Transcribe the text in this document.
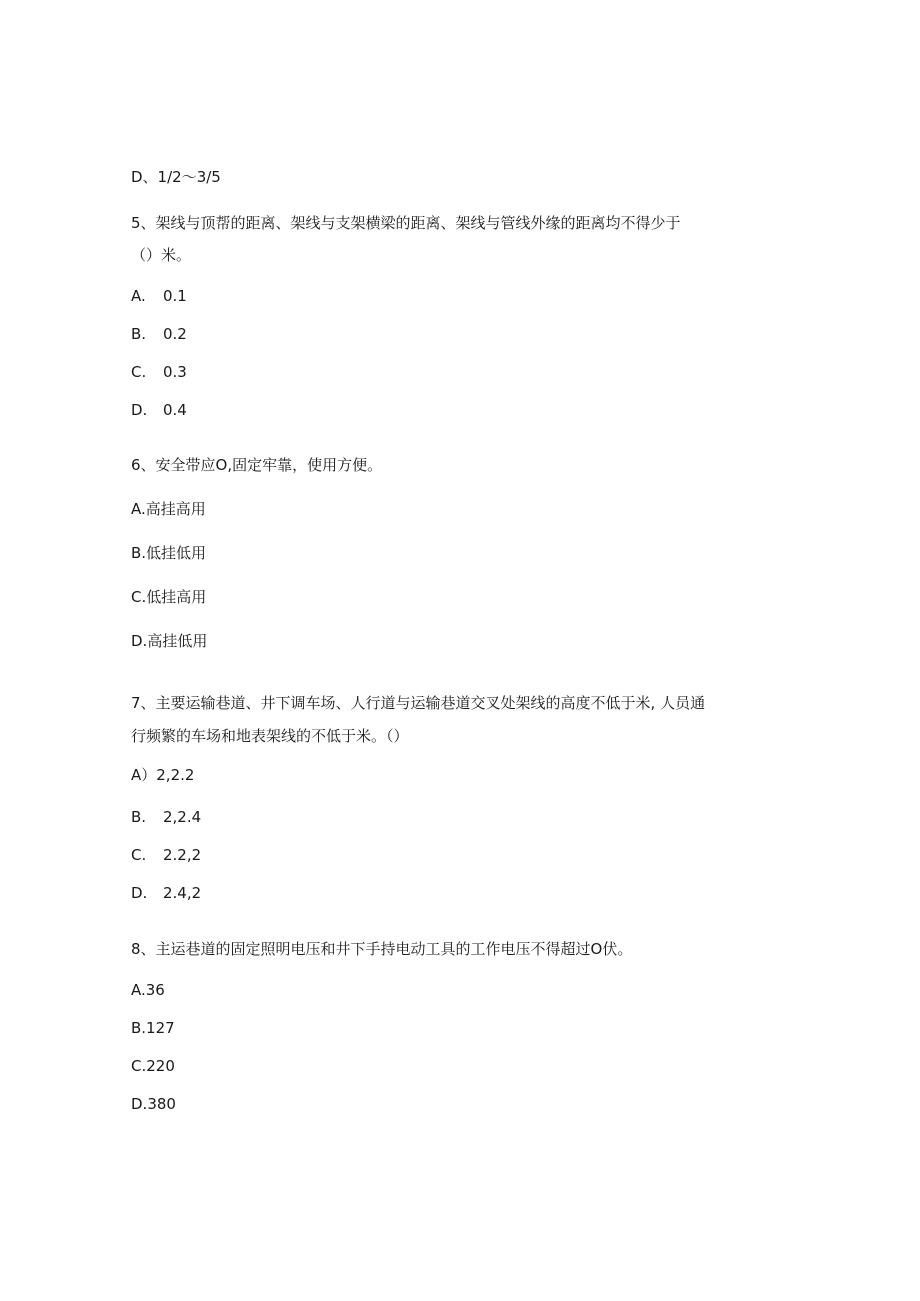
D、1/2～3/5
5、架线与顶帮的距离、架线与支架横梁的距离、架线与管线外缘的距离均不得少于
（）米。
A. 0.1
B. 0.2
C. 0.3
D. 0.4
6、安全带应O,固定牢靠，使用方便。
A.高挂高用
B.低挂低用
C.低挂高用
D.高挂低用
7、主要运输巷道、井下调车场、人行道与运输巷道交叉处架线的高度不低于米, 人员通
行频繁的车场和地表架线的不低于米。（）
A）2,2.2
B. 2,2.4
C. 2.2,2
D. 2.4,2
8、主运巷道的固定照明电压和井下手持电动工具的工作电压不得超过O伏。
A.36
B.127
C.220
D.380
